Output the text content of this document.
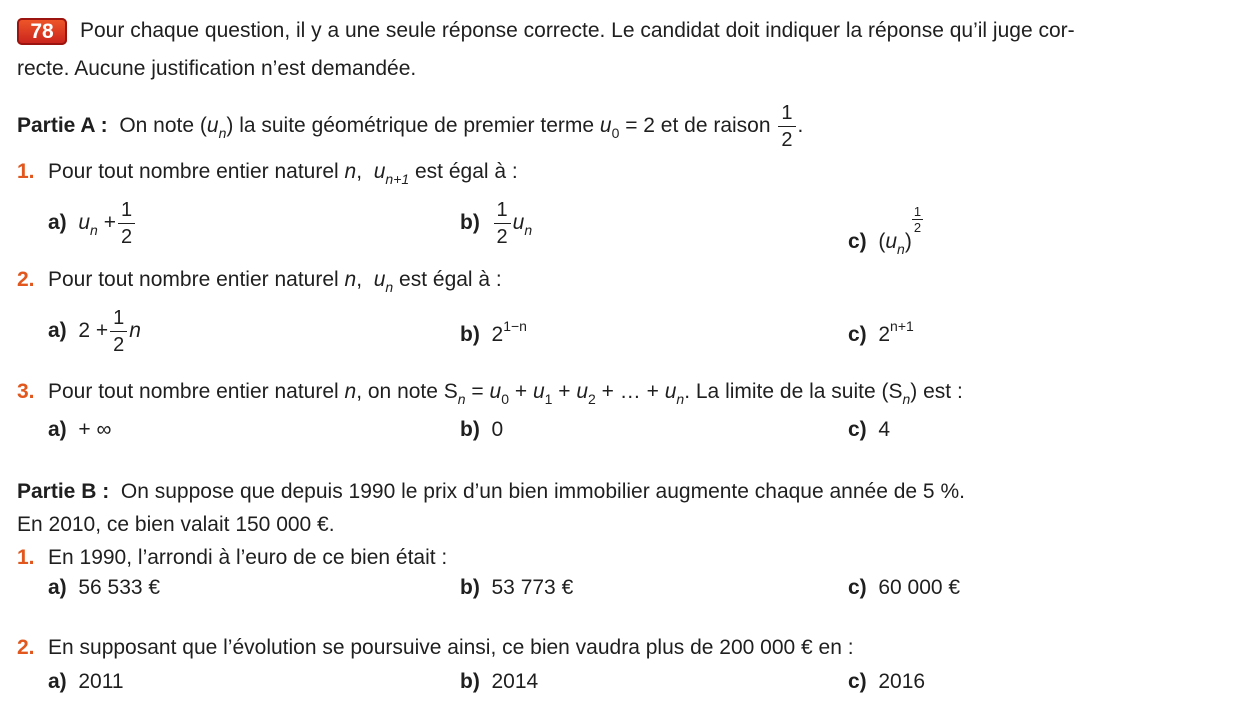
78	Pour chaque question, il y a une seule réponse correcte. Le candidat doit indiquer la réponse qu’il juge cor-
recte. Aucune justification n’est demandée.
Partie A : On note $(u_n)$ la suite géométrique de premier terme $u_0 = 2$ et de raison $\frac{1}{2}$ .
1. Pour tout nombre entier naturel n, $u_{n+1}$ est égal à :
a) $u_n + \frac{1}{2}$	$b) \frac{1}{2} u_n$	c)  $(u_n)$
$\frac{1}{2}$
2. Pour tout nombre entier naturel n, $u_n$ est égal à :
a) $2 + \frac{1}{2}$ n	b) $2^{1-n}$	c) $2^{n+1}$
3. Pour tout nombre entier naturel n, on note $S_n = u_0 + u_1 + u_2$ + … + $u_n$. La limite de la suite $(S_n)$ est :
a) + ∞	b) 0	c) 4
Partie B : On suppose que depuis 1990 le prix d’un bien immobilier augmente chaque année de 5 %.
En 2010, ce bien valait 150 000 €.
1. En 1990, l’arrondi à l’euro de ce bien était :
a) 56 533 €	b) 53 773 €	c) 60 000 €
2. En supposant que l’évolution se poursuive ainsi, ce bien vaudra plus de 200 000 € en :
a) 2011	b) 2014	c) 2016
